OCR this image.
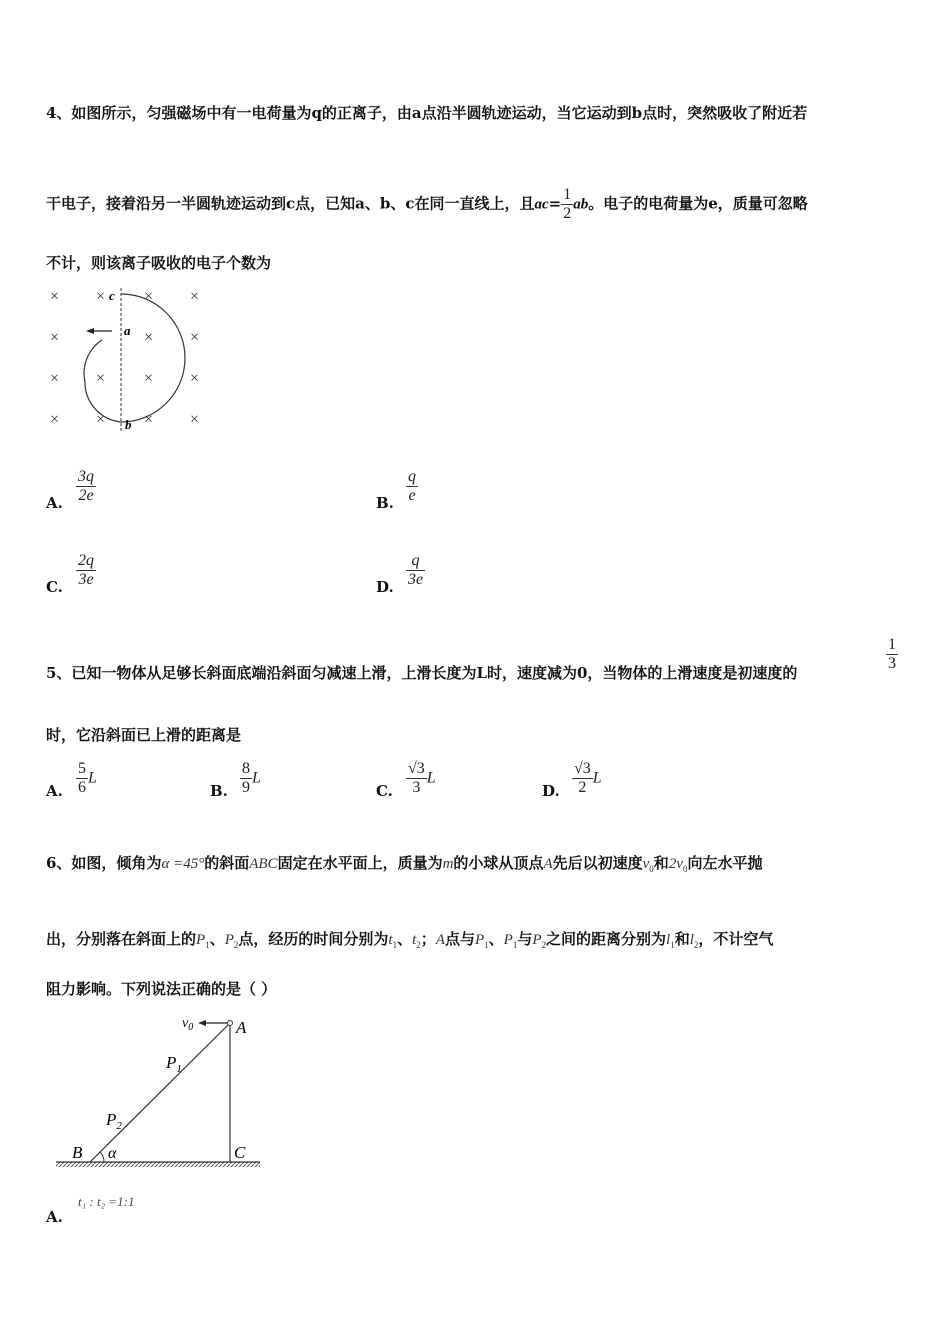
4、如图所示，匀强磁场中有一电荷量为q的正离子，由a点沿半圆轨迹运动，当它运动到b点时，突然吸收了附近若
干电子，接着沿另一半圆轨迹运动到c点，已知a、b、c在同一直线上，且$ac= \frac{1}{2}$ ab。电子的电荷量为e，质量可忽略
不计，则该离子吸收的电子个数为
× × × ×
×	× ×
× × × ×
× × × ×
c
a
b
A. $\frac{3q}{2e}$	B. $\frac{q}{e}$
C. $\frac{2q}{3e}$	D. $\frac{q}{3e}$
5、已知一物体从足够长斜面底端沿斜面匀减速上滑，上滑长度为L时，速度减为0，当物体的上滑速度是初速度的	$\frac{1}{3}$
时，它沿斜面已上滑的距离是
A. $\frac{5}{6}$ L
B. $\frac{8}{9}$ L
C. $\frac{√3}{3}$ L
D. $\frac{√3}{2}$ L
6、如图，倾角为α =45°的斜面ABC固定在水平面上，质量为m的小球从顶点A先后以初速度$v_0$和$2v_0$向左水平抛
出，分别落在斜面上的$P_1$、$P_2$点，经历的时间分别为$t_1$、$t_2$；A点与$P_1$、$P_1$与$P_2$之间的距离分别为$l_1$和$l_2$，不计空气
阻力影响。下列说法正确的是（ ）
$v_0$	A
$P_1$
$P_2$
B α	C
A.
t₁ : t₂ =1:1
